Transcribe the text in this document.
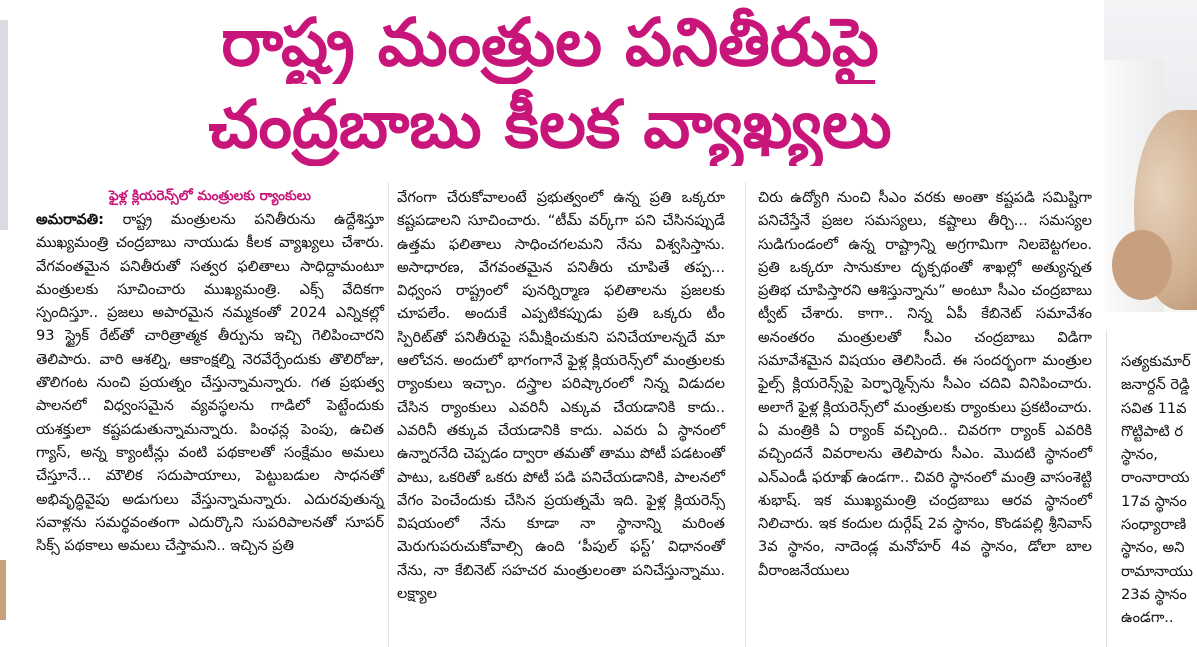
రాష్ట్ర మంత్రుల పనితీరుపై
చంద్రబాబు కీలక వ్యాఖ్యలు
ఫైళ్ల క్లియరెన్స్‌లో మంత్రులకు ర్యాంకులు

అమరావతి: రాష్ట్ర మంత్రులను పనితీరును ఉద్దేశిస్తూ ముఖ్యమంత్రి చంద్రబాబు నాయుడు కీలక వ్యాఖ్యలు చేశారు. వేగవంతమైన పనితీరుతో సత్వర ఫలితాలు సాధిద్దామంటూ మంత్రులకు సూచించారు ముఖ్యమంత్రి. ఎక్స్ వేదికగా స్పందిస్తూ.. ప్రజలు అపారమైన నమ్మకంతో 2024 ఎన్నికల్లో 93 స్ట్రైక్ రేట్‌తో చారిత్రాత్మక తీర్పును ఇచ్చి గెలిపించారని తెలిపారు. వారి ఆశల్ని, ఆకాంక్షల్ని నెరవేర్చేందుకు తొలిరోజు, తొలిగంట నుంచి ప్రయత్నం చేస్తున్నామన్నారు. గత ప్రభుత్వ పాలనలో విధ్వంసమైన వ్యవస్థలను గాడిలో పెట్టేందుకు యశక్తులా కష్టపడుతున్నామన్నారు. పింఛన్ల పెంపు, ఉచిత గ్యాస్, అన్న క్యాంటీన్లు వంటి పథకాలతో సంక్షేమం అమలు చేస్తూనే... మౌలిక సదుపాయాలు, పెట్టుబడుల సాధనతో అభివృద్ధివైపు అడుగులు వేస్తున్నామన్నారు. ఎదురవుతున్న సవాళ్లను సమర్థవంతంగా ఎదుర్కొని సుపరిపాలనతో సూపర్ సిక్స్ పథకాలు అమలు చేస్తామని.. ఇచ్చిన ప్రతి

వేగంగా చేరుకోవాలంటే ప్రభుత్వంలో ఉన్న ప్రతి ఒక్కరూ కష్టపడాలని సూచించారు. “టీమ్ వర్క్‌గా పని చేసినప్పుడే ఉత్తమ ఫలితాలు సాధించగలమని నేను విశ్వసిస్తాను. అసాధారణ, వేగవంతమైన పనితీరు చూపితే తప్ప... విధ్వంస రాష్ట్రంలో పునర్నిర్మాణ ఫలితాలను ప్రజలకు చూపలేం. అందుకే ఎప్పటికప్పుడు ప్రతి ఒక్కరు టీం స్పిరిట్‌తో పనితీరుపై సమీక్షించుకుని పనిచేయాలన్నదే మా ఆలోచన. అందులో భాగంగానే ఫైళ్ల క్లియరెన్స్‌లో మంత్రులకు ర్యాంకులు ఇచ్చాం. దస్త్రాల పరిష్కారంలో నిన్న విడుదల చేసిన ర్యాంకులు ఎవరినీ ఎక్కువ చేయడానికి కాదు.. ఎవరినీ తక్కువ చేయడానికి కాదు. ఎవరు ఏ స్థానంలో ఉన్నారనేది చెప్పడం ద్వారా తమతో తాము పోటీ పడటంతో పాటు, ఒకరితో ఒకరు పోటీ పడి పనిచేయడానికి, పాలనలో వేగం పెంచేందుకు చేసిన ప్రయత్నమే ఇది. ఫైళ్ల క్లియరెన్స్ విషయంలో నేను కూడా నా స్థానాన్ని మరింత మెరుగుపరుచుకోవాల్సి ఉంది ‘పీపుల్ ఫస్ట్’ విధానంతో నేను, నా కేబినెట్ సహచర మంత్రులంతా పనిచేస్తున్నాము. లక్ష్యాల

చిరు ఉద్యోగి నుంచి సీఎం వరకు అంతా కష్టపడి సమిష్టిగా పనిచేస్తేనే ప్రజల సమస్యలు, కష్టాలు తీర్చి... సమస్యల సుడిగుండంలో ఉన్న రాష్ట్రాన్ని అగ్రగామిగా నిలబెట్టగలం. ప్రతి ఒక్కరూ సానుకూల దృక్పథంతో శాఖల్లో అత్యున్నత ప్రతిభ చూపిస్తారని ఆశిస్తున్నాను” అంటూ సీఎం చంద్రబాబు ట్వీట్ చేశారు. కాగా.. నిన్న ఏపీ కేబినెట్ సమావేశం అనంతరం మంత్రులతో సీఎం చంద్రబాబు విడిగా సమావేశమైన విషయం తెలిసిందే. ఈ సందర్భంగా మంత్రుల ఫైల్స్ క్లియరెన్స్‌పై పెర్ఫార్మెన్స్‌ను సీఎం చదివి వినిపించారు. అలాగే ఫైళ్ల క్లియరెన్స్‌లో మంత్రులకు ర్యాంకులు ప్రకటించారు. ఏ మంత్రికి ఏ ర్యాంక్ వచ్చింది.. చివరగా ర్యాంక్ ఎవరికి వచ్చిందనే వివరాలను తెలిపారు సీఎం. మొదటి స్థానంలో ఎన్ఎండీ ఫరూఖ్ ఉండగా.. చివరి స్థానంలో మంత్రి వాసంశెట్టి శుభాష్. ఇక ముఖ్యమంత్రి చంద్రబాబు ఆరవ స్థానంలో నిలిచారు. ఇక కందుల దుర్గేష్ 2వ స్థానం, కొండపల్లి శ్రీనివాస్ 3వ స్థానం, నాదెండ్ల మనోహర్ 4వ స్థానం, డోలా బాల వీరాంజనేయులు

సత్యకుమార్
జనార్దన్ రెడ్డి
సవిత 11వ
గొట్టిపాటి ర
స్థానం,
రాంనారాయ
17వ స్థానం
సంధ్యారాణి
స్థానం, అని
రామానాయు
23వ స్థానం
ఉండగా..
